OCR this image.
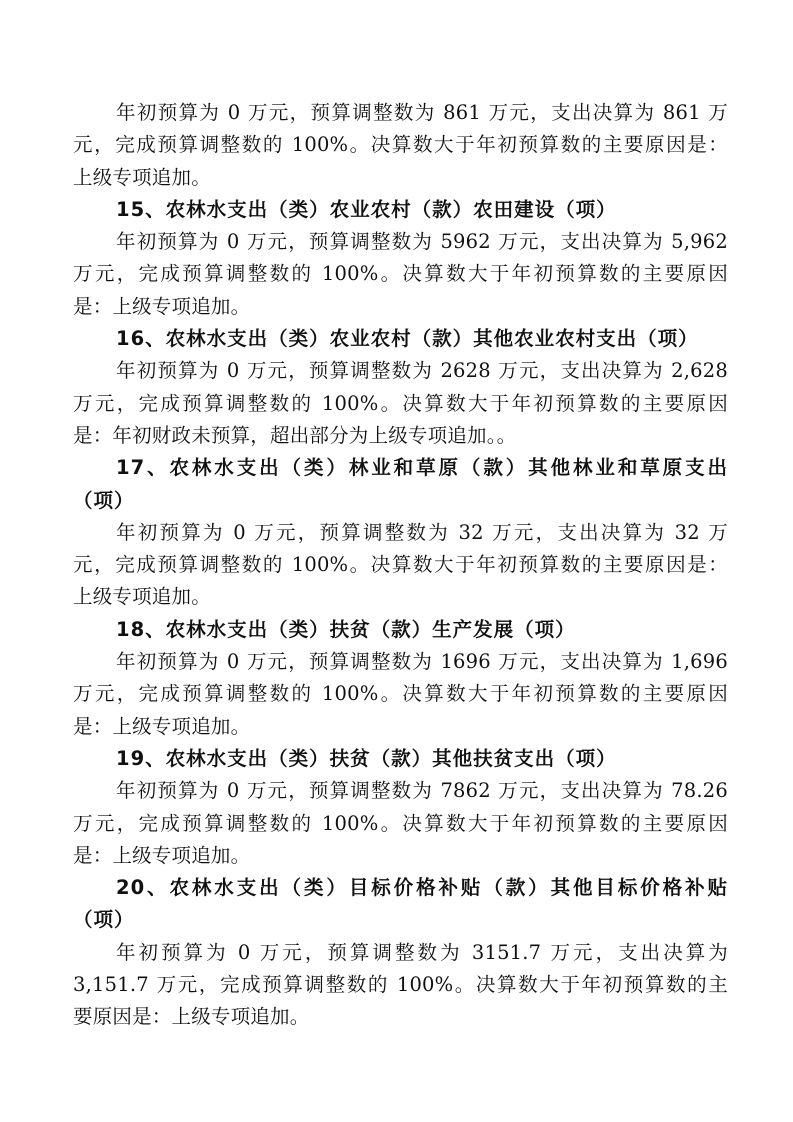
年初预算为 0 万元，预算调整数为 861 万元，支出决算为 861 万
元，完成预算调整数的 100%。决算数大于年初预算数的主要原因是：
上级专项追加。
15、农林水支出（类）农业农村（款）农田建设（项）
年初预算为 0 万元，预算调整数为 5962 万元，支出决算为 5,962
万元，完成预算调整数的 100%。决算数大于年初预算数的主要原因
是：上级专项追加。
16、农林水支出（类）农业农村（款）其他农业农村支出（项）
年初预算为 0 万元，预算调整数为 2628 万元，支出决算为 2,628
万元，完成预算调整数的 100%。决算数大于年初预算数的主要原因
是：年初财政未预算，超出部分为上级专项追加。。
17、农林水支出（类）林业和草原（款）其他林业和草原支出
（项）
年初预算为 0 万元，预算调整数为 32 万元，支出决算为 32 万
元，完成预算调整数的 100%。决算数大于年初预算数的主要原因是：
上级专项追加。
18、农林水支出（类）扶贫（款）生产发展（项）
年初预算为 0 万元，预算调整数为 1696 万元，支出决算为 1,696
万元，完成预算调整数的 100%。决算数大于年初预算数的主要原因
是：上级专项追加。
19、农林水支出（类）扶贫（款）其他扶贫支出（项）
年初预算为 0 万元，预算调整数为 7862 万元，支出决算为 78.26
万元，完成预算调整数的 100%。决算数大于年初预算数的主要原因
是：上级专项追加。
20、农林水支出（类）目标价格补贴（款）其他目标价格补贴
（项）
年初预算为 0 万元，预算调整数为 3151.7 万元，支出决算为
3,151.7 万元，完成预算调整数的 100%。决算数大于年初预算数的主
要原因是：上级专项追加。
